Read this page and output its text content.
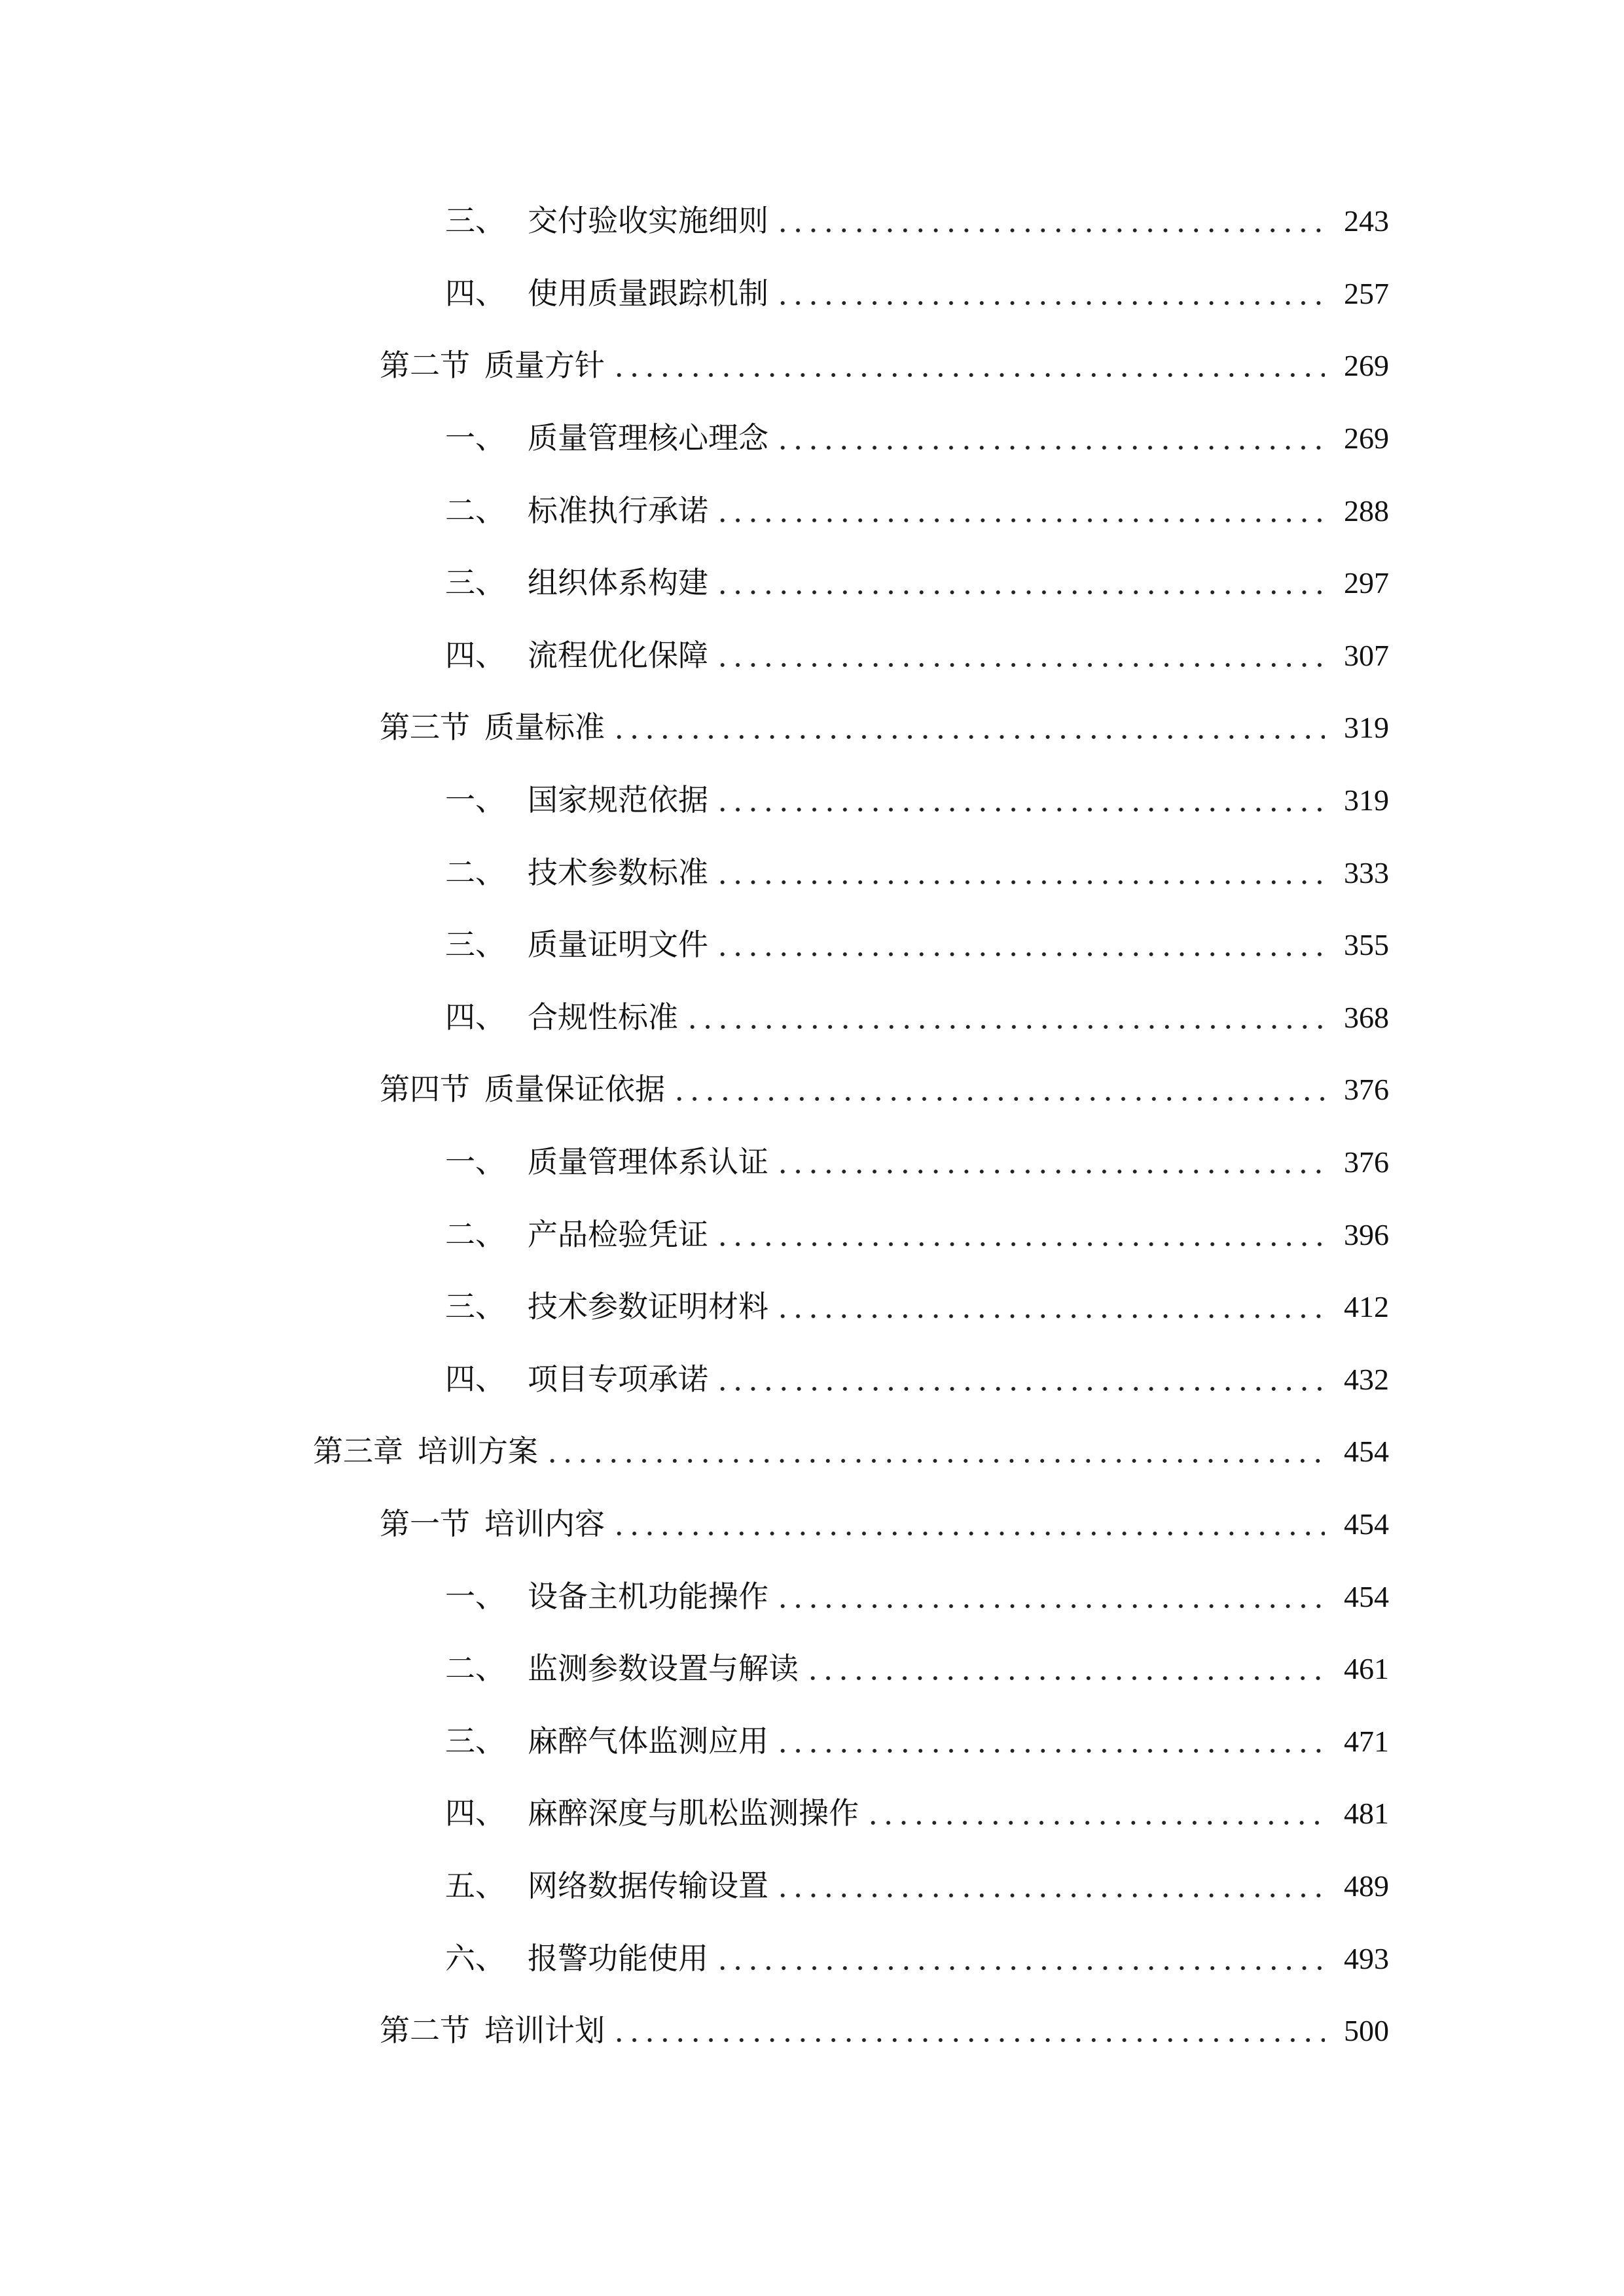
三、 交付验收实施细则	243
四、 使用质量跟踪机制	257
第二节 质量方针	269
一、 质量管理核心理念	269
二、 标准执行承诺	288
三、 组织体系构建	297
四、 流程优化保障	307
第三节 质量标准	319
一、 国家规范依据	319
二、 技术参数标准	333
三、 质量证明文件	355
四、 合规性标准	368
第四节 质量保证依据	376
一、 质量管理体系认证	376
二、 产品检验凭证	396
三、 技术参数证明材料	412
四、 项目专项承诺	432
第三章 培训方案	454
第一节 培训内容	454
一、 设备主机功能操作	454
二、 监测参数设置与解读	461
三、 麻醉气体监测应用	471
四、 麻醉深度与肌松监测操作	481
五、 网络数据传输设置	489
六、 报警功能使用	493
第二节 培训计划	500
